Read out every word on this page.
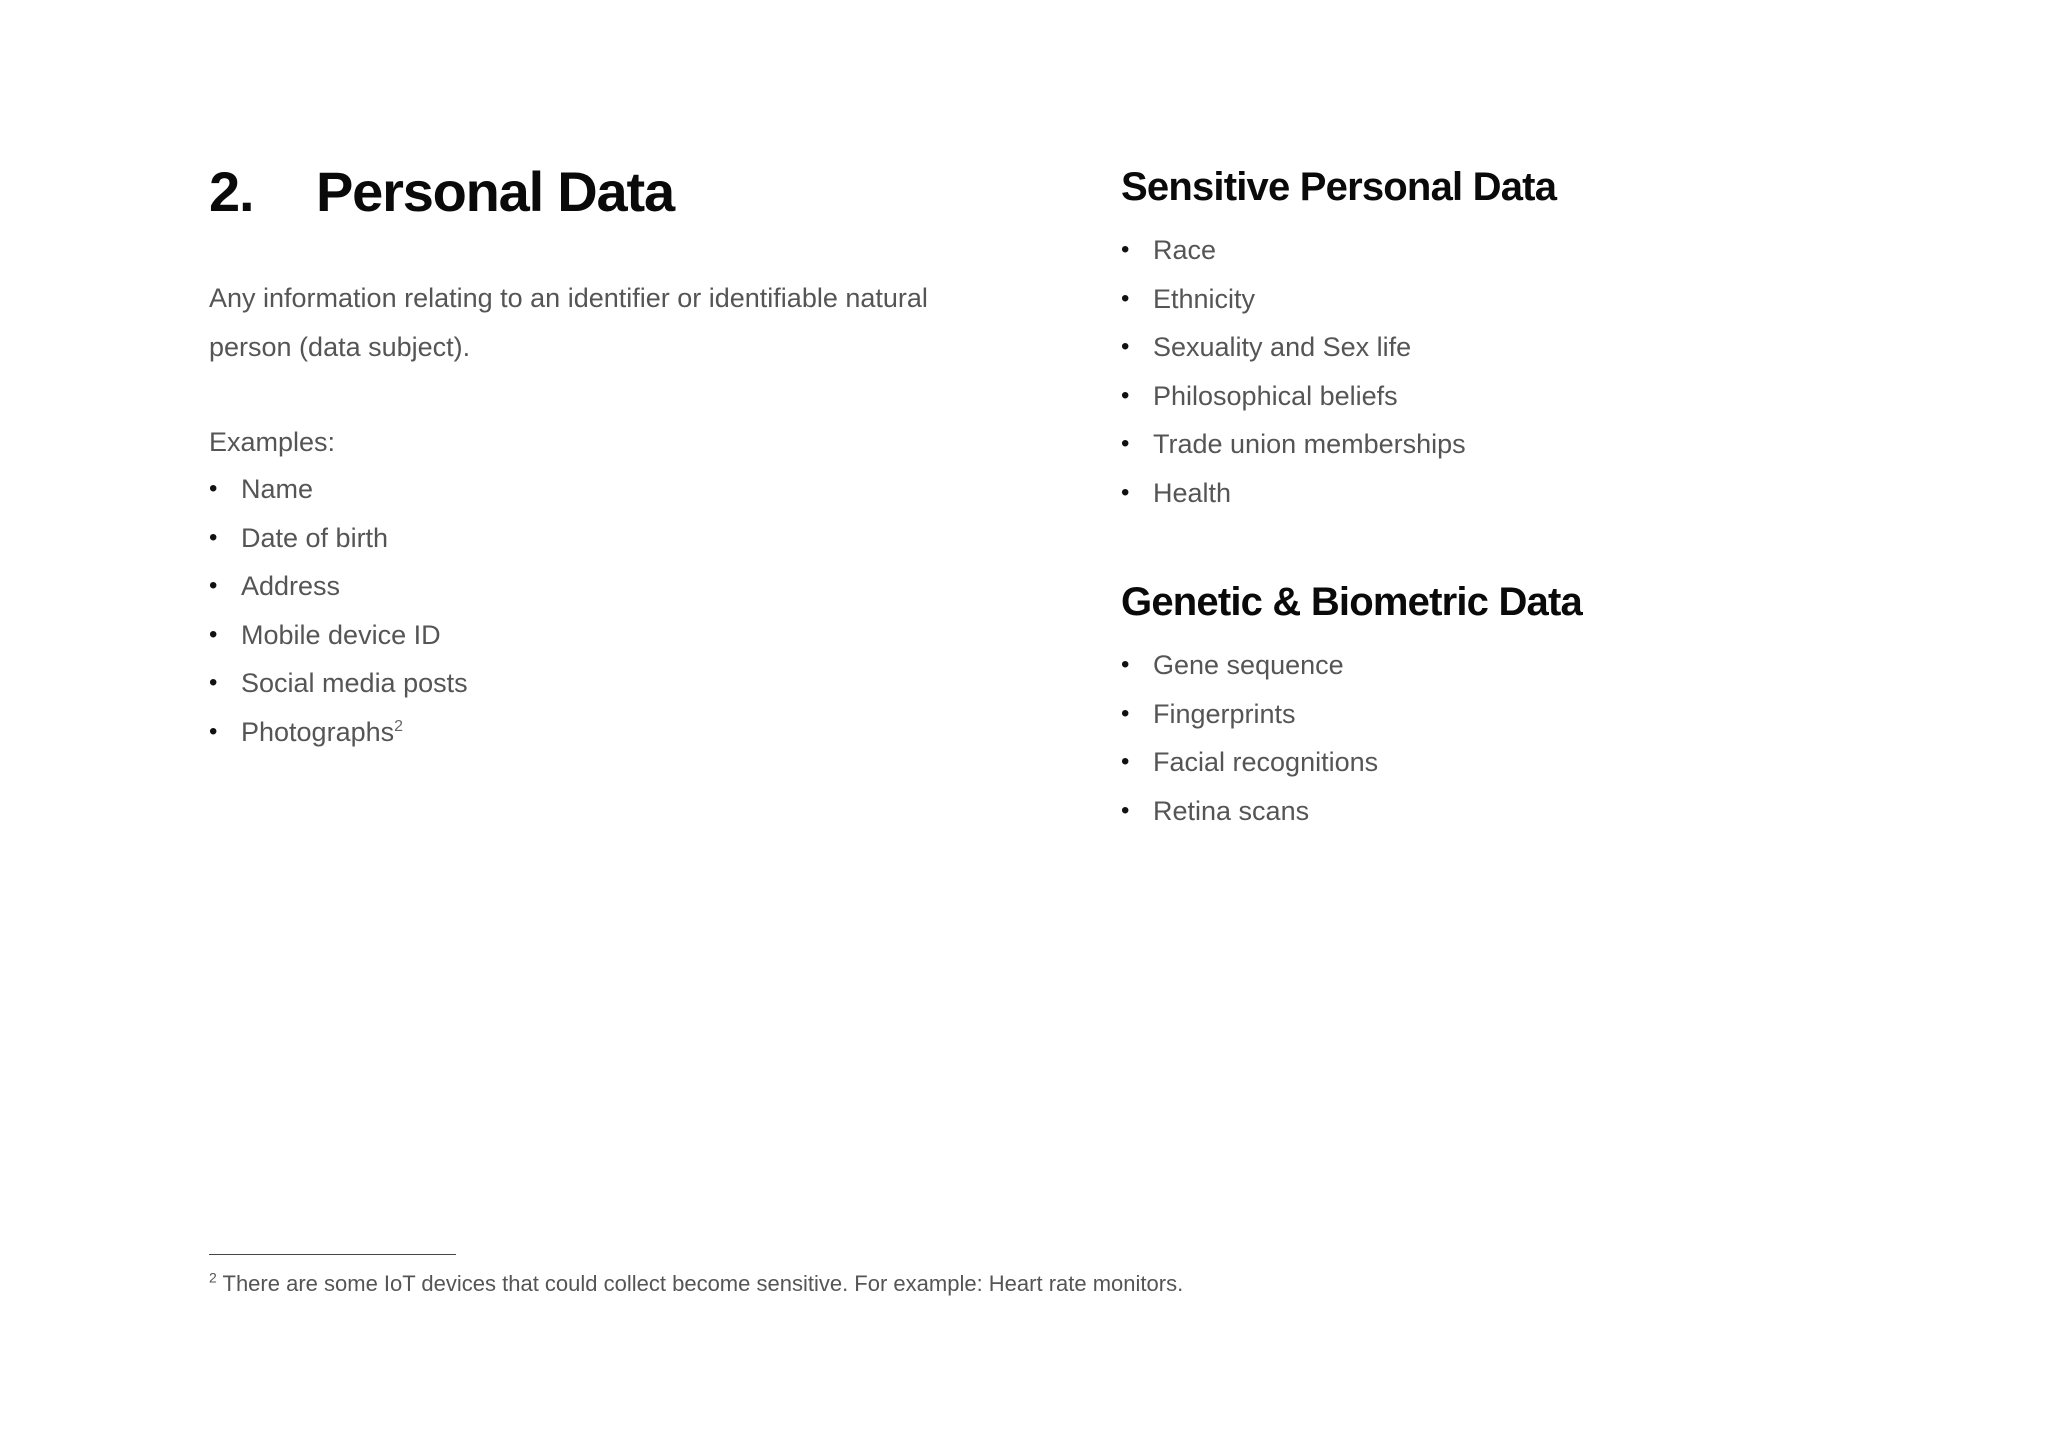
2.	Personal Data

Any information relating to an identifier or identifiable natural person (data subject).

Examples:

• Name
• Date of birth
• Address
• Mobile device ID
• Social media posts
• Photographs$^2$
Sensitive Personal Data
• Race
• Ethnicity
• Sexuality and Sex life
• Philosophical beliefs
• Trade union memberships
• Health
Genetic & Biometric Data
• Gene sequence
• Fingerprints
• Facial recognitions
• Retina scans

$^2$ There are some IoT devices that could collect become sensitive. For example: Heart rate monitors.
